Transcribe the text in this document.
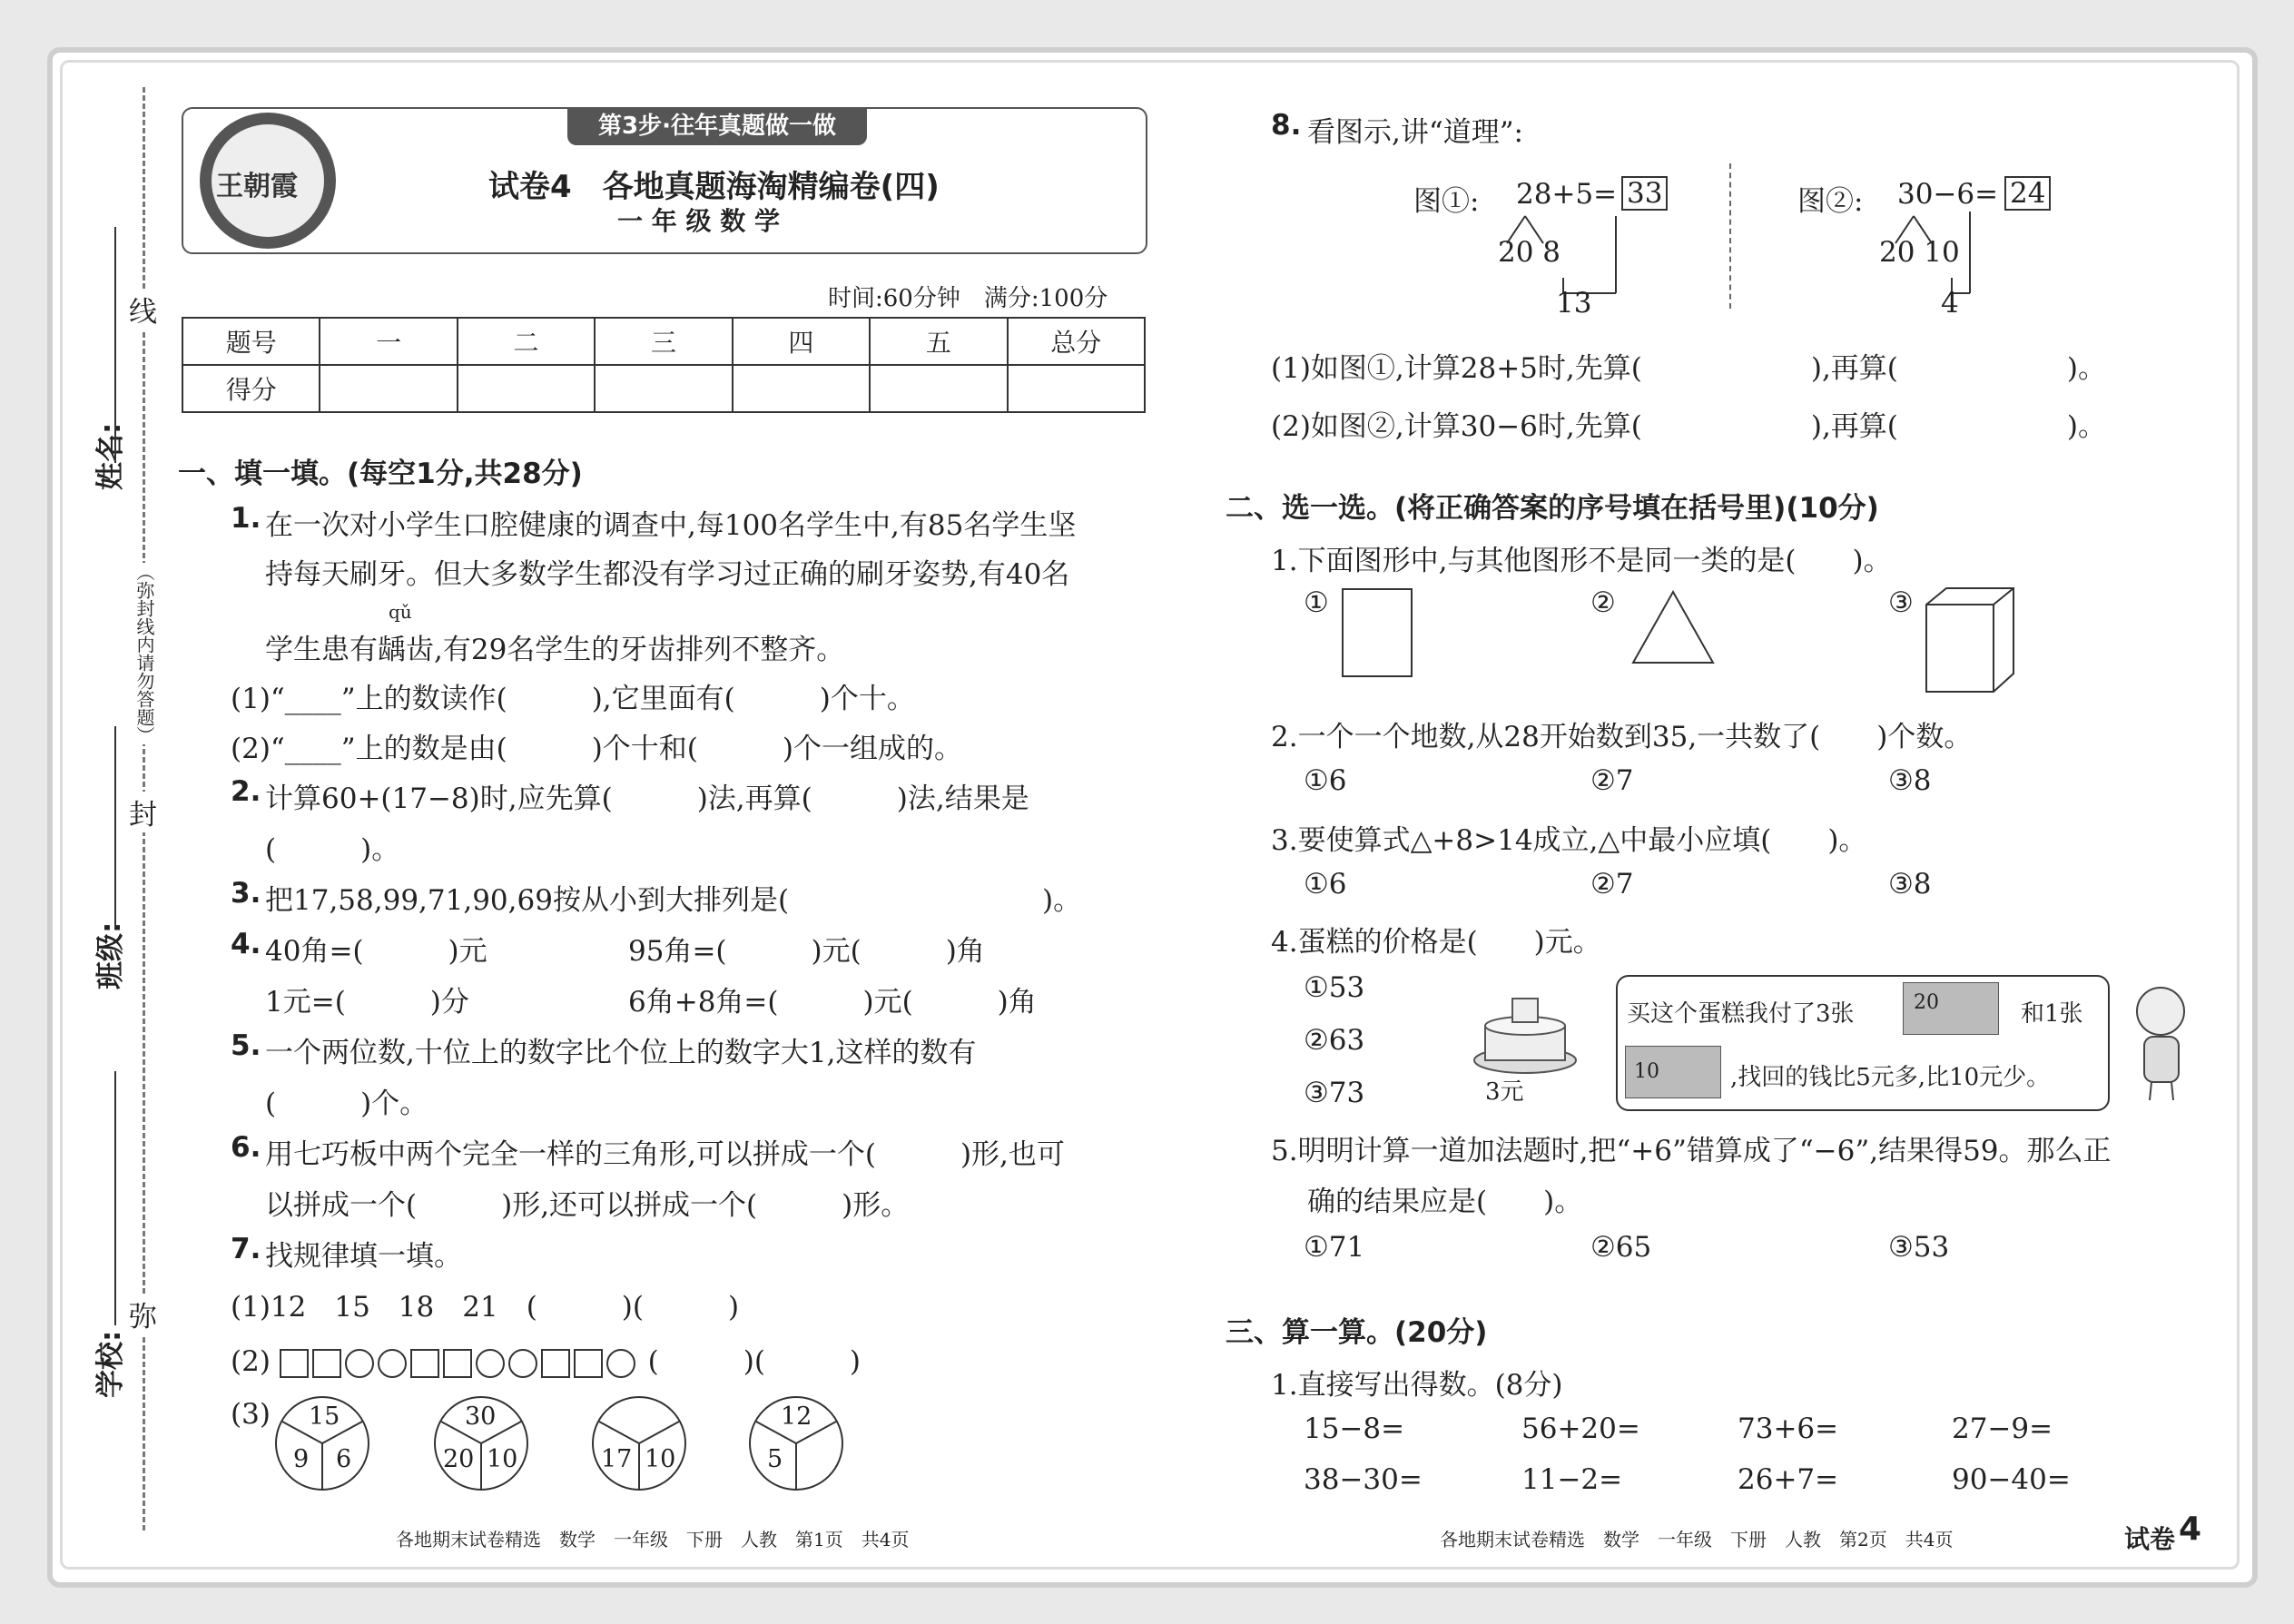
线
姓名:
（弥封线内请勿答题）
封
班级:
弥
学校:
王朝霞
第3步·往年真题做一做
试卷4　各地真题海淘精编卷(四)
一 年 级 数 学
时间:60分钟　满分:100分
题号	一	二	三	四	五	总分
得分						
一、填一填。(每空1分,共28分)
1. 在一次对小学生口腔健康的调查中,每100名学生中,有85名学生坚
持每天刷牙。但大多数学生都没有学习过正确的刷牙姿势,有40名
qǔ
学生患有龋齿,有29名学生的牙齿排列不整齐。
(1)“____”上的数读作(　　　),它里面有(　　　)个十。
(2)“____”上的数是由(　　　)个十和(　　　)个一组成的。
2. 计算60+(17−8)时,应先算(　　　)法,再算(　　　)法,结果是
(　　　)。
3. 把17,58,99,71,90,69按从小到大排列是(　　　　　　　　　)。
4. 40角=(　　　)元	95角=(　　　)元(　　　)角
1元=(　　　)分	6角+8角=(　　　)元(　　　)角
5. 一个两位数,十位上的数字比个位上的数字大1,这样的数有
(　　　)个。
6. 用七巧板中两个完全一样的三角形,可以拼成一个(　　　)形,也可
以拼成一个(　　　)形,还可以拼成一个(　　　)形。
7. 找规律填一填。
(1)12　15　18　21　(　　　)(　　　)
(2)	(　　　)(　　　)
(3) 15
9 6
30
20 10	17 10
12
5
各地期末试卷精选　数学　一年级　下册　人教　第1页　共4页
8. 看图示,讲“道理”:
图①: 28+5= 33
20 8
13
图②: 30−6= 24
20 10
4
(1)如图①,计算28+5时,先算(　　　　　　),再算(　　　　　　)。
(2)如图②,计算30−6时,先算(　　　　　　),再算(　　　　　　)。
二、选一选。(将正确答案的序号填在括号里)(10分)
1.下面图形中,与其他图形不是同一类的是(　　)。
①	②	③
2.一个一个地数,从28开始数到35,一共数了(　　)个数。
①6	②7	③8
3.要使算式△+8>14成立,△中最小应填(　　)。
①6	②7	③8
4.蛋糕的价格是(　　)元。
①53
②63
③73	3元
买这个蛋糕我付了3张	20	和1张
10	,找回的钱比5元多,比10元少。
5.明明计算一道加法题时,把“+6”错算成了“−6”,结果得59。那么正
确的结果应是(　　)。
①71	②65	③53
三、算一算。(20分)
1.直接写出得数。(8分)
15−8=	56+20=	73+6=	27−9=
38−30=	11−2=	26+7=	90−40=
各地期末试卷精选　数学　一年级　下册　人教　第2页　共4页	试卷 4
